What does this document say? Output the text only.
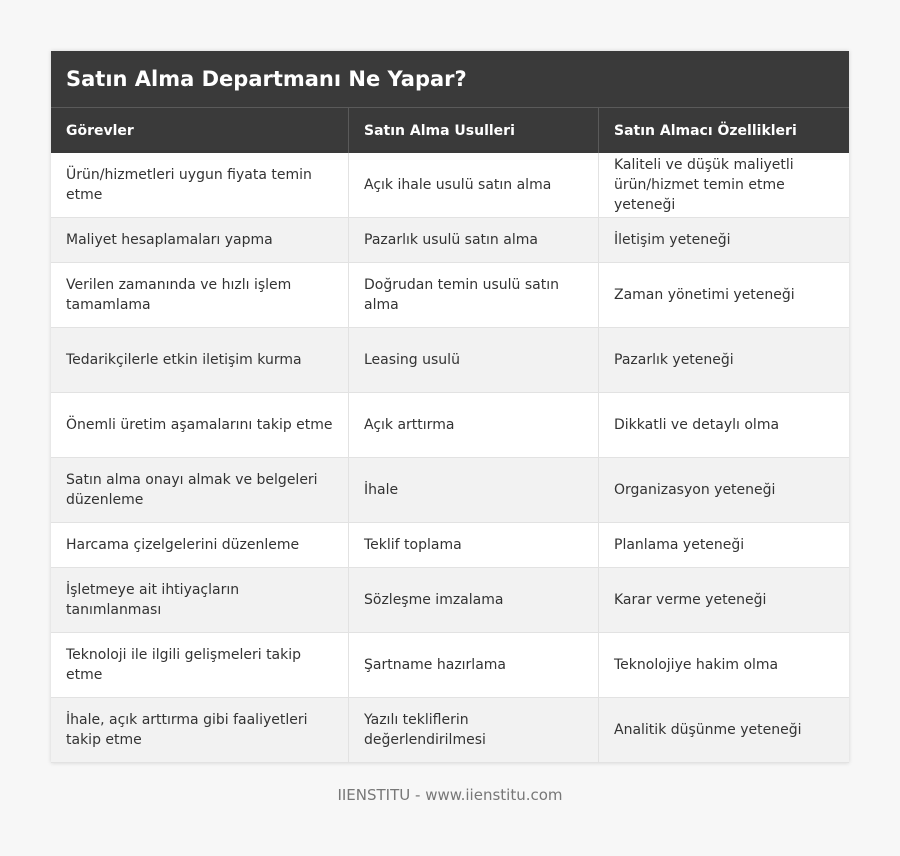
Satın Alma Departmanı Ne Yapar?
Görevler	Satın Alma Usulleri	Satın Almacı Özellikleri
Ürün/hizmetleri uygun fiyata temin etme	Açık ihale usulü satın alma	Kaliteli ve düşük maliyetli ürün/hizmet temin etme yeteneği
Maliyet hesaplamaları yapma	Pazarlık usulü satın alma	İletişim yeteneği
Verilen zamanında ve hızlı işlem tamamlama	Doğrudan temin usulü satın alma	Zaman yönetimi yeteneği
Tedarikçilerle etkin iletişim kurma	Leasing usulü	Pazarlık yeteneği
Önemli üretim aşamalarını takip etme	Açık arttırma	Dikkatli ve detaylı olma
Satın alma onayı almak ve belgeleri düzenleme	İhale	Organizasyon yeteneği
Harcama çizelgelerini düzenleme	Teklif toplama	Planlama yeteneği
İşletmeye ait ihtiyaçların tanımlanması	Sözleşme imzalama	Karar verme yeteneği
Teknoloji ile ilgili gelişmeleri takip etme	Şartname hazırlama	Teknolojiye hakim olma
İhale, açık arttırma gibi faaliyetleri takip etme	Yazılı tekliflerin değerlendirilmesi	Analitik düşünme yeteneği
IIENSTITU - www.iienstitu.com
